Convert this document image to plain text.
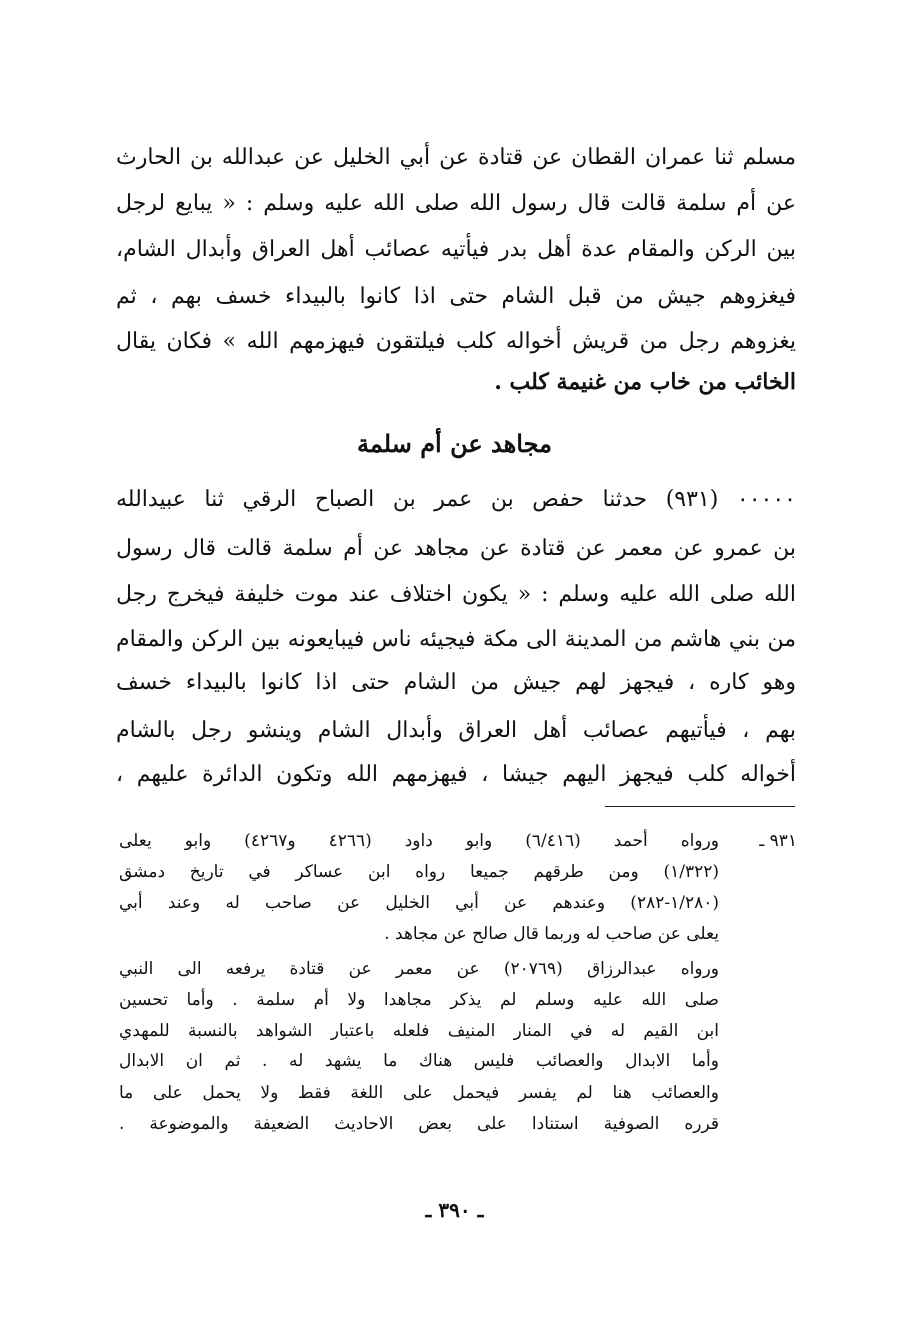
مسلم ثنا عمران القطان عن قتادة عن أبي الخليل عن عبدالله بن الحارث
عن أم سلمة قالت قال رسول الله صلى الله عليه وسلم : « يبايع لرجل
بين الركن والمقام عدة أهل بدر فيأتيه عصائب أهل العراق وأبدال الشام،
فيغزوهم جيش من قبل الشام حتى اذا كانوا بالبيداء خسف بهم ، ثم
يغزوهم رجل من قريش أخواله كلب فيلتقون فيهزمهم الله » فكان يقال
الخائب من خاب من غنيمة كلب .
مجاهد عن أم سلمة
٠٠٠٠٠ (٩٣١) حدثنا حفص بن عمر بن الصباح الرقي ثنا عبيدالله
بن عمرو عن معمر عن قتادة عن مجاهد عن أم سلمة قالت قال رسول
الله صلى الله عليه وسلم : « يكون اختلاف عند موت خليفة فيخرج رجل
من بني هاشم من المدينة الى مكة فيجيئه ناس فيبايعونه بين الركن والمقام
وهو كاره ، فيجهز لهم جيش من الشام حتى اذا كانوا بالبيداء خسف
بهم ، فيأتيهم عصائب أهل العراق وأبدال الشام وينشو رجل بالشام
أخواله كلب فيجهز اليهم جيشا ، فيهزمهم الله وتكون الدائرة عليهم ،
٩٣١ ـ
ورواه أحمد (٦/٤١٦) وابو داود (٤٢٦٦ و٤٢٦٧) وابو يعلى
(١/٣٢٢) ومن طرقهم جميعا رواه ابن عساكر في تاريخ دمشق
(١/٢٨٠-٢٨٢) وعندهم عن أبي الخليل عن صاحب له وعند أبي
يعلى عن صاحب له وربما قال صالح عن مجاهد .
ورواه عبدالرزاق (٢٠٧٦٩) عن معمر عن قتادة يرفعه الى النبي
صلى الله عليه وسلم لم يذكر مجاهدا ولا أم سلمة . وأما تحسين
ابن القيم له في المنار المنيف فلعله باعتبار الشواهد بالنسبة للمهدي
وأما الابدال والعصائب فليس هناك ما يشهد له . ثم ان الابدال
والعصائب هنا لم يفسر فيحمل على اللغة فقط ولا يحمل على ما
قرره الصوفية استنادا على بعض الاحاديث الضعيفة والموضوعة .
ـ ٣٩٠ ـ
